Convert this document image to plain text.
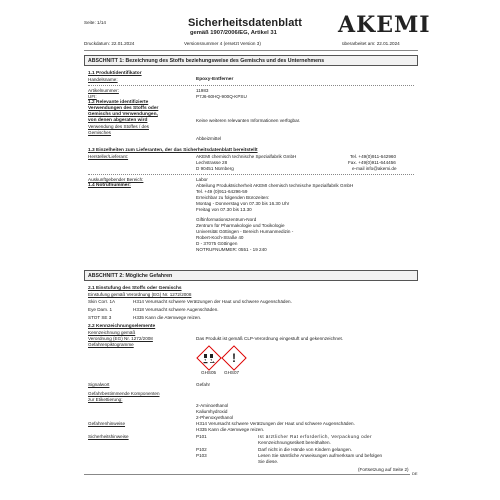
Seite: 1/14	Sicherheitsdatenblatt
gemäß 1907/2006/EG, Artikel 31	AKEMI
Druckdatum: 22.01.2024	Versionsnummer 4 (ersetzt Version 3)	überarbeitet am: 22.01.2024
ABSCHNITT 1: Bezeichnung des Stoffs beziehungsweise des Gemischs und des Unternehmens
1.1 Produktidentifikator
Handelsname:	Epoxy-Entferner
Artikelnummer:	11983
UFI:	P7J6-60HQ-900Q-KPSU
1.2 Relevante identifizierte
Verwendungen des Stoffs oder
Gemischs und Verwendungen,
von denen abgeraten wird	Keine weiteren relevanten Informationen verfügbar.
Verwendung des Stoffes / des
Gemisches
Abbeizmittel
1.3 Einzelheiten zum Lieferanten, der das Sicherheitsdatenblatt bereitstellt
Hersteller/Lieferant:	AKEMI chemisch technische Spezialfabrik GmbH
Lechstrasse 28
D 90451 Nürnberg
Tel. +49(0)911-642960
Fax. +49(0)911-644456
e-mail info@akemi.de
Auskunftgebender Bereich:	Labor
1.4 Notrufnummer:	Abteilung Produktsicherheit AKEMI chemisch technische Spezialfabrik GmbH
Tel. +49 (0)911-64296-59
Erreichbar zu folgenden Bürozeiten:
Montag - Donnerstag von 07.30 bis 16.30 Uhr
Freitag von 07.30 bis 13.30
Giftinformationszentrum-Nord
Zentrum für Pharmakologie und Toxikologie
Universität Göttingen - Bereich Humanmedizin -
Robert-Koch-Straße 40
D - 37075 Göttingen
NOTRUFNUMMER: 0551 - 19 240
ABSCHNITT 2: Mögliche Gefahren
2.1 Einstufung des Stoffs oder Gemischs
Einstufung gemäß Verordnung (EG) Nr. 1272/2008
Skin Corr. 1A	H314 Verursacht schwere Verätzungen der Haut und schwere Augenschäden.
Eye Dam. 1	H318 Verursacht schwere Augenschäden.
STOT SE 3	H335 Kann die Atemwege reizen.
2.2 Kennzeichnungselemente
Kennzeichnung gemäß
Verordnung (EG) Nr. 1272/2008	Das Produkt ist gemäß CLP-Verordnung eingestuft und gekennzeichnet.
Gefahrenpiktogramme
GHS05
!
GHS07
Signalwort	Gefahr
Gefahrbestimmende Komponenten
zur Etikettierung:
2-Aminoethanol
Kaliumhydroxid
2-Phenoxyethanol
Gefahrenhinweise	H314 Verursacht schwere Verätzungen der Haut und schwere Augenschäden.
H335 Kann die Atemwege reizen.
Sicherheitshinweise	P101	Ist ärztlicher Rat erforderlich, Verpackung oder
Kennzeichnungsetikett bereithalten.
P102	Darf nicht in die Hände von Kindern gelangen.
P103	Lesen Sie sämtliche Anweisungen aufmerksam und befolgen
Sie diese.
(Fortsetzung auf Seite 2)
DE
